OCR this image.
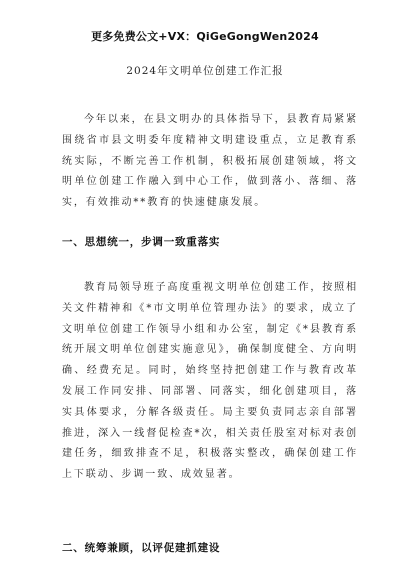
更多免费公文+VX：QiGeGongWen2024
2024年文明单位创建工作汇报

今年以来，在县文明办的具体指导下，县教育局紧紧围绕省市县文明委年度精神文明建设重点，立足教育系统实际，不断完善工作机制，积极拓展创建领域，将文明单位创建工作融入到中心工作，做到落小、落细、落实，有效推动**教育的快速健康发展。

一、思想统一，步调一致重落实

教育局领导班子高度重视文明单位创建工作，按照相关文件精神和《*市文明单位管理办法》的要求，成立了文明单位创建工作领导小组和办公室，制定《*县教育系统开展文明单位创建实施意见》，确保制度健全、方向明确、经费充足。同时，始终坚持把创建工作与教育改革发展工作同安排、同部署、同落实，细化创建项目，落实具体要求，分解各级责任。局主要负责同志亲自部署推进，深入一线督促检查*次，相关责任股室对标对表创建任务，细致排查不足，积极落实整改，确保创建工作上下联动、步调一致、成效显著。

二、统筹兼顾，以评促建抓建设
